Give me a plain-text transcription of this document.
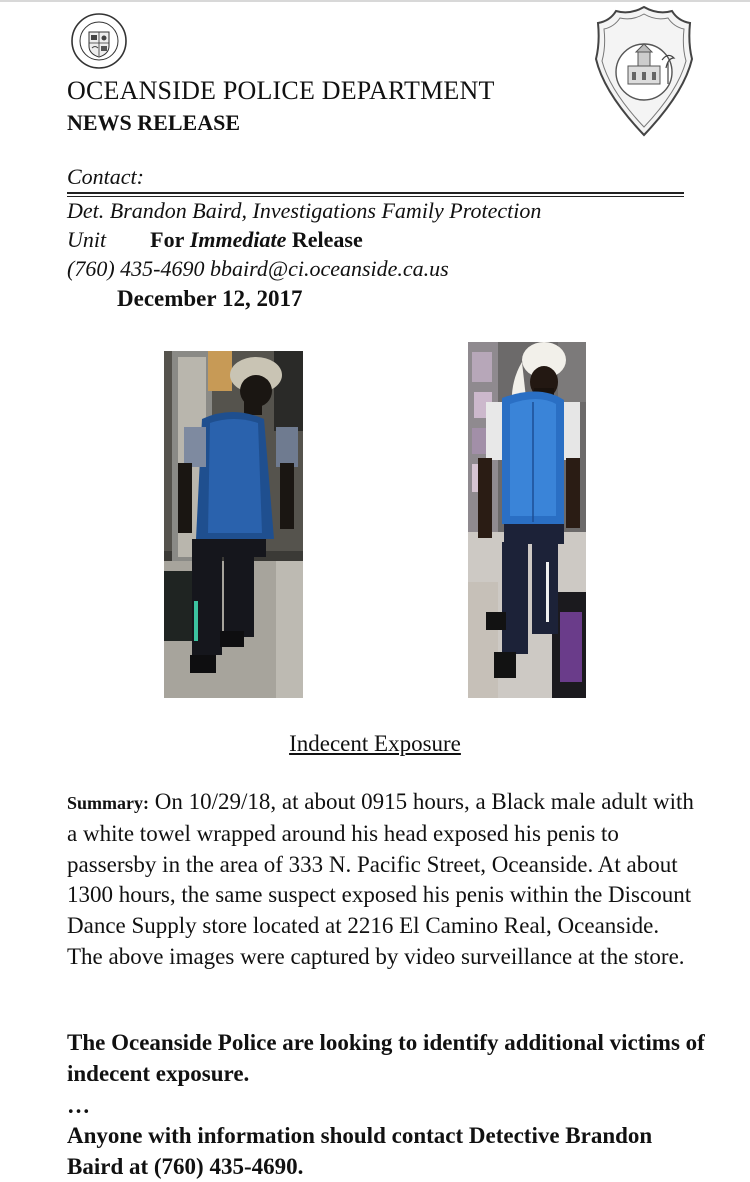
OCEANSIDE POLICE DEPARTMENT
NEWS RELEASE
Contact:
Det. Brandon Baird, Investigations Family Protection
Unit For Immediate Release
(760) 435-4690 bbaird@ci.oceanside.ca.us
December 12, 2017
Indecent Exposure
Summary: On 10/29/18, at about 0915 hours, a Black male adult with a white towel wrapped around his head exposed his penis to passersby in the area of 333 N. Pacific Street, Oceanside. At about 1300 hours, the same suspect exposed his penis within the Discount Dance Supply store located at 2216 El Camino Real, Oceanside. The above images were captured by video surveillance at the store.
The Oceanside Police are looking to identify additional victims of indecent exposure.
…
Anyone with information should contact Detective Brandon Baird at (760) 435-4690.
